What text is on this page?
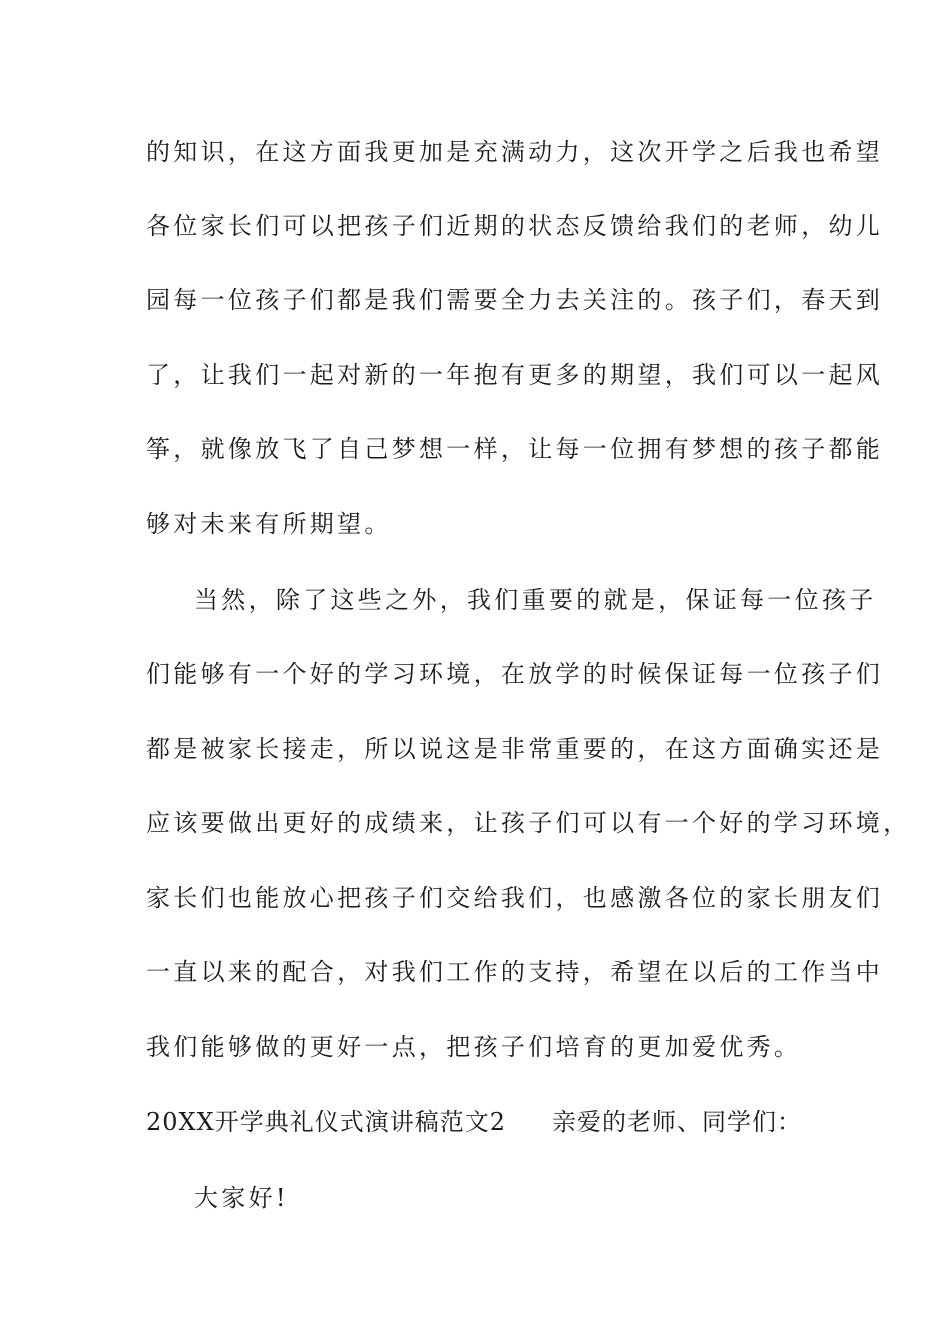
的知识，在这方面我更加是充满动力，这次开学之后我也希望
各位家长们可以把孩子们近期的状态反馈给我们的老师，幼儿
园每一位孩子们都是我们需要全力去关注的。孩子们，春天到
了，让我们一起对新的一年抱有更多的期望，我们可以一起风
筝，就像放飞了自己梦想一样，让每一位拥有梦想的孩子都能
够对未来有所期望。
当然，除了这些之外，我们重要的就是，保证每一位孩子
们能够有一个好的学习环境，在放学的时候保证每一位孩子们
都是被家长接走，所以说这是非常重要的，在这方面确实还是
应该要做出更好的成绩来，让孩子们可以有一个好的学习环境，
家长们也能放心把孩子们交给我们，也感激各位的家长朋友们
一直以来的配合，对我们工作的支持，希望在以后的工作当中
我们能够做的更好一点，把孩子们培育的更加爱优秀。
20XX开学典礼仪式演讲稿范文2 亲爱的老师、同学们：
大家好!
